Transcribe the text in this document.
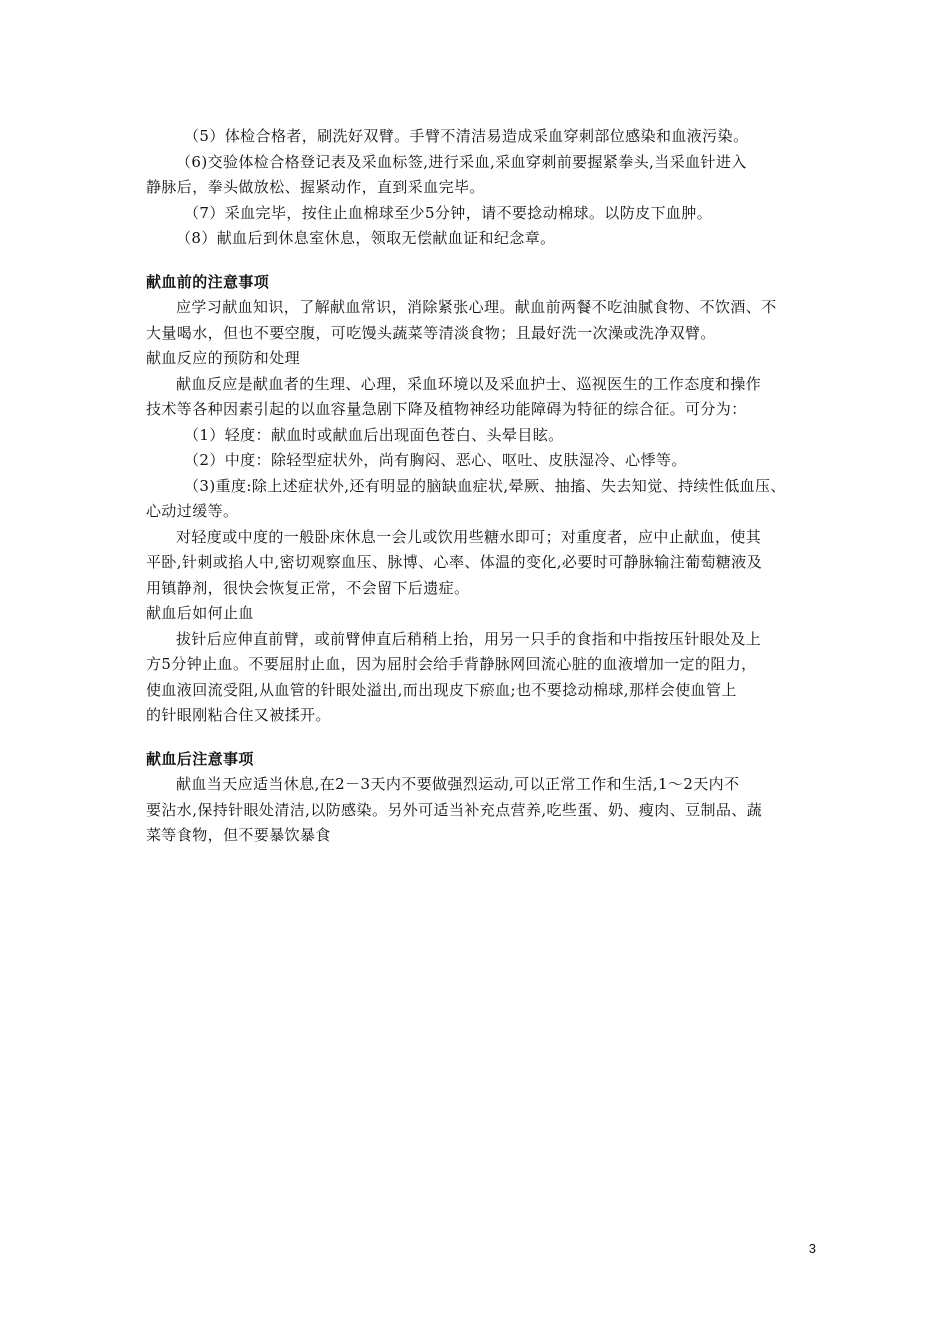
（5）体检合格者，刷洗好双臂。手臂不清洁易造成采血穿刺部位感染和血液污染。
（6)交验体检合格登记表及采血标签,进行采血,采血穿刺前要握紧拳头,当采血针进入
静脉后，拳头做放松、握紧动作，直到采血完毕。
（7）采血完毕，按住止血棉球至少5分钟，请不要捻动棉球。以防皮下血肿。
（8）献血后到休息室休息，领取无偿献血证和纪念章。
献血前的注意事项
应学习献血知识，了解献血常识，消除紧张心理。献血前两餐不吃油腻食物、不饮酒、不
大量喝水，但也不要空腹，可吃馒头蔬菜等清淡食物；且最好洗一次澡或洗净双臂。
献血反应的预防和处理
献血反应是献血者的生理、心理，采血环境以及采血护士、巡视医生的工作态度和操作
技术等各种因素引起的以血容量急剧下降及植物神经功能障碍为特征的综合征。可分为：
（1）轻度：献血时或献血后出现面色苍白、头晕目眩。
（2）中度：除轻型症状外，尚有胸闷、恶心、呕吐、皮肤湿冷、心悸等。
（3)重度:除上述症状外,还有明显的脑缺血症状,晕厥、抽搐、失去知觉、持续性低血压、
心动过缓等。
对轻度或中度的一般卧床休息一会儿或饮用些糖水即可；对重度者，应中止献血，使其
平卧,针刺或掐人中,密切观察血压、脉博、心率、体温的变化,必要时可静脉输注葡萄糖液及
用镇静剂，很快会恢复正常，不会留下后遗症。
献血后如何止血
拔针后应伸直前臂，或前臂伸直后稍稍上抬，用另一只手的食指和中指按压针眼处及上
方5分钟止血。不要屈肘止血，因为屈肘会给手背静脉网回流心脏的血液增加一定的阻力，
使血液回流受阻,从血管的针眼处溢出,而出现皮下瘀血;也不要捻动棉球,那样会使血管上
的针眼刚粘合住又被揉开。
献血后注意事项
献血当天应适当休息,在2－3天内不要做强烈运动,可以正常工作和生活,1～2天内不
要沾水,保持针眼处清洁,以防感染。另外可适当补充点营养,吃些蛋、奶、瘦肉、豆制品、蔬
菜等食物，但不要暴饮暴食
3
